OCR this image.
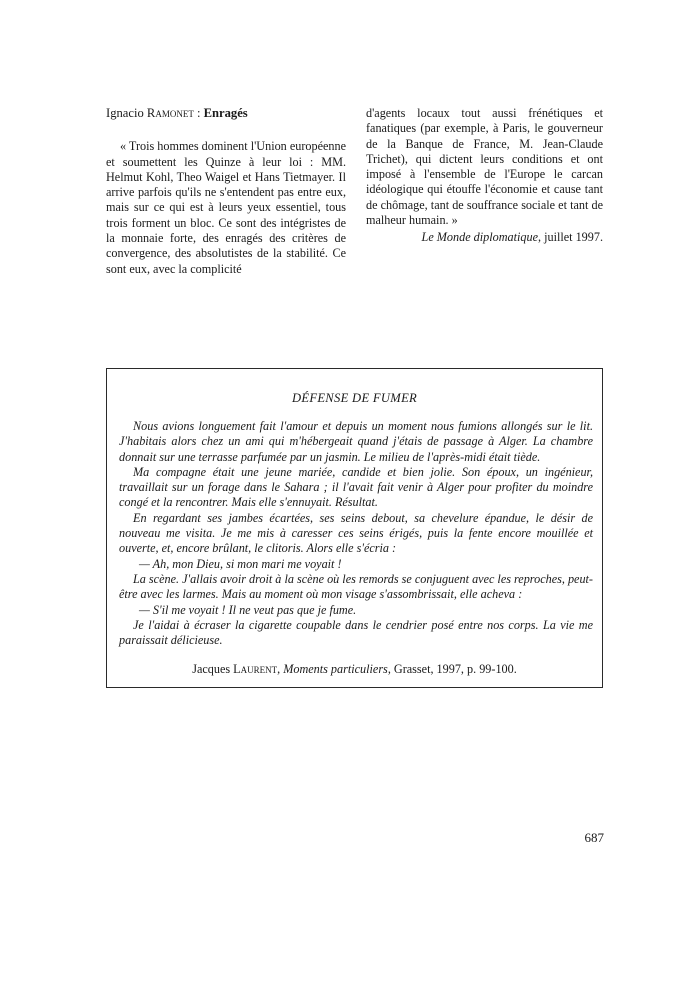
Ignacio Ramonet : Enragés

« Trois hommes dominent l'Union européenne et soumettent les Quinze à leur loi : MM. Helmut Kohl, Theo Waigel et Hans Tietmayer. Il arrive parfois qu'ils ne s'entendent pas entre eux, mais sur ce qui est à leurs yeux essentiel, tous trois forment un bloc. Ce sont des intégristes de la monnaie forte, des enragés des critères de convergence, des absolutistes de la stabilité. Ce sont eux, avec la complicité

d'agents locaux tout aussi frénétiques et fanatiques (par exemple, à Paris, le gouverneur de la Banque de France, M. Jean-Claude Trichet), qui dictent leurs conditions et ont imposé à l'ensemble de l'Europe le carcan idéologique qui étouffe l'économie et cause tant de chômage, tant de souffrance sociale et tant de malheur humain. »

Le Monde diplomatique, juillet 1997.

DÉFENSE DE FUMER

Nous avions longuement fait l'amour et depuis un moment nous fumions allongés sur le lit. J'habitais alors chez un ami qui m'hébergeait quand j'étais de passage à Alger. La chambre donnait sur une terrasse parfumée par un jasmin. Le milieu de l'après-midi était tiède.

Ma compagne était une jeune mariée, candide et bien jolie. Son époux, un ingénieur, travaillait sur un forage dans le Sahara ; il l'avait fait venir à Alger pour profiter du moindre congé et la rencontrer. Mais elle s'ennuyait. Résultat.

En regardant ses jambes écartées, ses seins debout, sa chevelure épandue, le désir de nouveau me visita. Je me mis à caresser ces seins érigés, puis la fente encore mouillée et ouverte, et, encore brûlant, le clitoris. Alors elle s'écria :

— Ah, mon Dieu, si mon mari me voyait !

La scène. J'allais avoir droit à la scène où les remords se conjuguent avec les reproches, peut-être avec les larmes. Mais au moment où mon visage s'assombrissait, elle acheva :

— S'il me voyait ! Il ne veut pas que je fume.

Je l'aidai à écraser la cigarette coupable dans le cendrier posé entre nos corps. La vie me paraissait délicieuse.

Jacques Laurent, Moments particuliers, Grasset, 1997, p. 99-100.
687
